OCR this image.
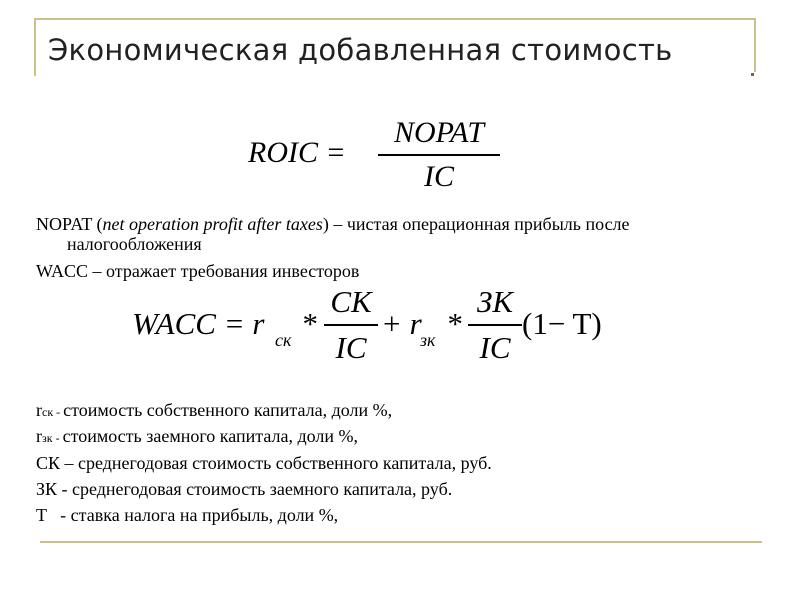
Экономическая добавленная стоимость
ROIC =
NOPAT
IC
NOPAT (net operation profit after taxes) – чистая операционная прибыль после
налогообложения
WACC – отражает требования инвесторов
WACC = r ск *
CK
IC
+ r
зк *
ЗK
IC
(1− T)
rск - стоимость собственного капитала, доли %,
rзк - стоимость заемного капитала, доли %,
СК – среднегодовая стоимость собственного капитала, руб.
ЗК - среднегодовая стоимость заемного капитала, руб.
T   - ставка налога на прибыль, доли %,
